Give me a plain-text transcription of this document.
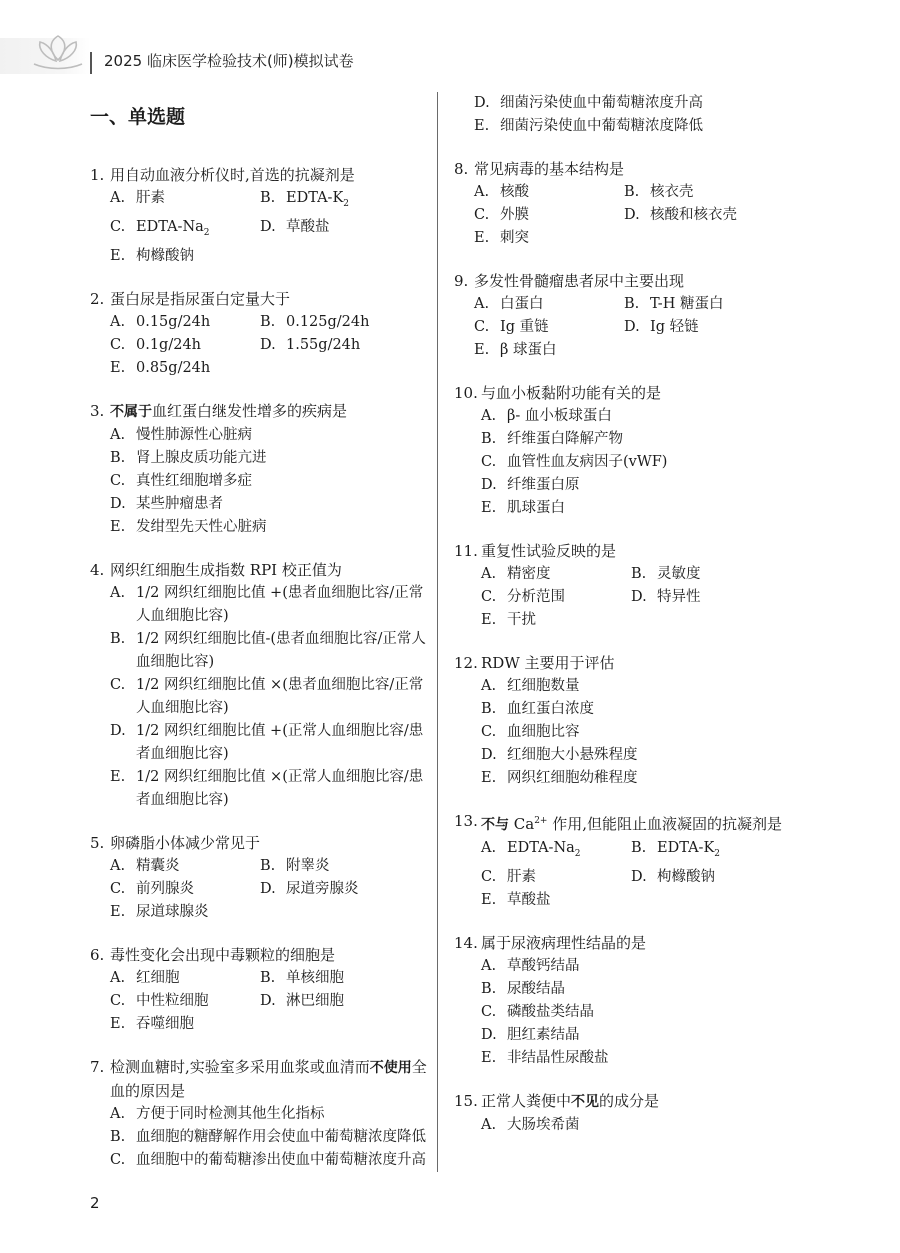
2025 临床医学检验技术(师)模拟试卷
一、单选题
1. 用自动血液分析仪时,首选的抗凝剂是
A. 肝素	B. EDTA-$K_2$
C. EDTA-$Na_2$	D. 草酸盐
E. 枸橼酸钠
2. 蛋白尿是指尿蛋白定量大于
A. 0.15g/24h	B. 0.125g/24h
C. 0.1g/24h	D. 1.55g/24h
E. 0.85g/24h
3. 不属于血红蛋白继发性增多的疾病是
A. 慢性肺源性心脏病
B. 肾上腺皮质功能亢进
C. 真性红细胞增多症
D. 某些肿瘤患者
E. 发绀型先天性心脏病
4. 网织红细胞生成指数 RPI 校正值为
A. 1/2 网织红细胞比值 +(患者血细胞比容/正常人血细胞比容)
B. 1/2 网织红细胞比值-(患者血细胞比容/正常人血细胞比容)
C. 1/2 网织红细胞比值 ×(患者血细胞比容/正常人血细胞比容)
D. 1/2 网织红细胞比值 +(正常人血细胞比容/患者血细胞比容)
E. 1/2 网织红细胞比值 ×(正常人血细胞比容/患者血细胞比容)
5. 卵磷脂小体减少常见于
A. 精囊炎	B. 附睾炎
C. 前列腺炎	D. 尿道旁腺炎
E. 尿道球腺炎
6. 毒性变化会出现中毒颗粒的细胞是
A. 红细胞	B. 单核细胞
C. 中性粒细胞	D. 淋巴细胞
E. 吞噬细胞
7. 检测血糖时,实验室多采用血浆或血清而不使用全血的原因是
A. 方便于同时检测其他生化指标
B. 血细胞的糖酵解作用会使血中葡萄糖浓度降低
C. 血细胞中的葡萄糖渗出使血中葡萄糖浓度升高
D. 细菌污染使血中葡萄糖浓度升高
E. 细菌污染使血中葡萄糖浓度降低
8. 常见病毒的基本结构是
A. 核酸	B. 核衣壳
C. 外膜	D. 核酸和核衣壳
E. 刺突
9. 多发性骨髓瘤患者尿中主要出现
A. 白蛋白	B. T-H 糖蛋白
C. Ig 重链	D. Ig 轻链
E. β 球蛋白
10. 与血小板黏附功能有关的是
A. β- 血小板球蛋白
B. 纤维蛋白降解产物
C. 血管性血友病因子(vWF)
D. 纤维蛋白原
E. 肌球蛋白
11. 重复性试验反映的是
A. 精密度	B. 灵敏度
C. 分析范围	D. 特异性
E. 干扰
12. RDW 主要用于评估
A. 红细胞数量
B. 血红蛋白浓度
C. 血细胞比容
D. 红细胞大小悬殊程度
E. 网织红细胞幼稚程度
13. 不与 $Ca^{2+}$ 作用,但能阻止血液凝固的抗凝剂是
A. EDTA-$Na_2$	B. EDTA-$K_2$
C. 肝素	D. 枸橼酸钠
E. 草酸盐
14. 属于尿液病理性结晶的是
A. 草酸钙结晶
B. 尿酸结晶
C. 磷酸盐类结晶
D. 胆红素结晶
E. 非结晶性尿酸盐
15. 正常人粪便中不见的成分是
A. 大肠埃希菌
2
